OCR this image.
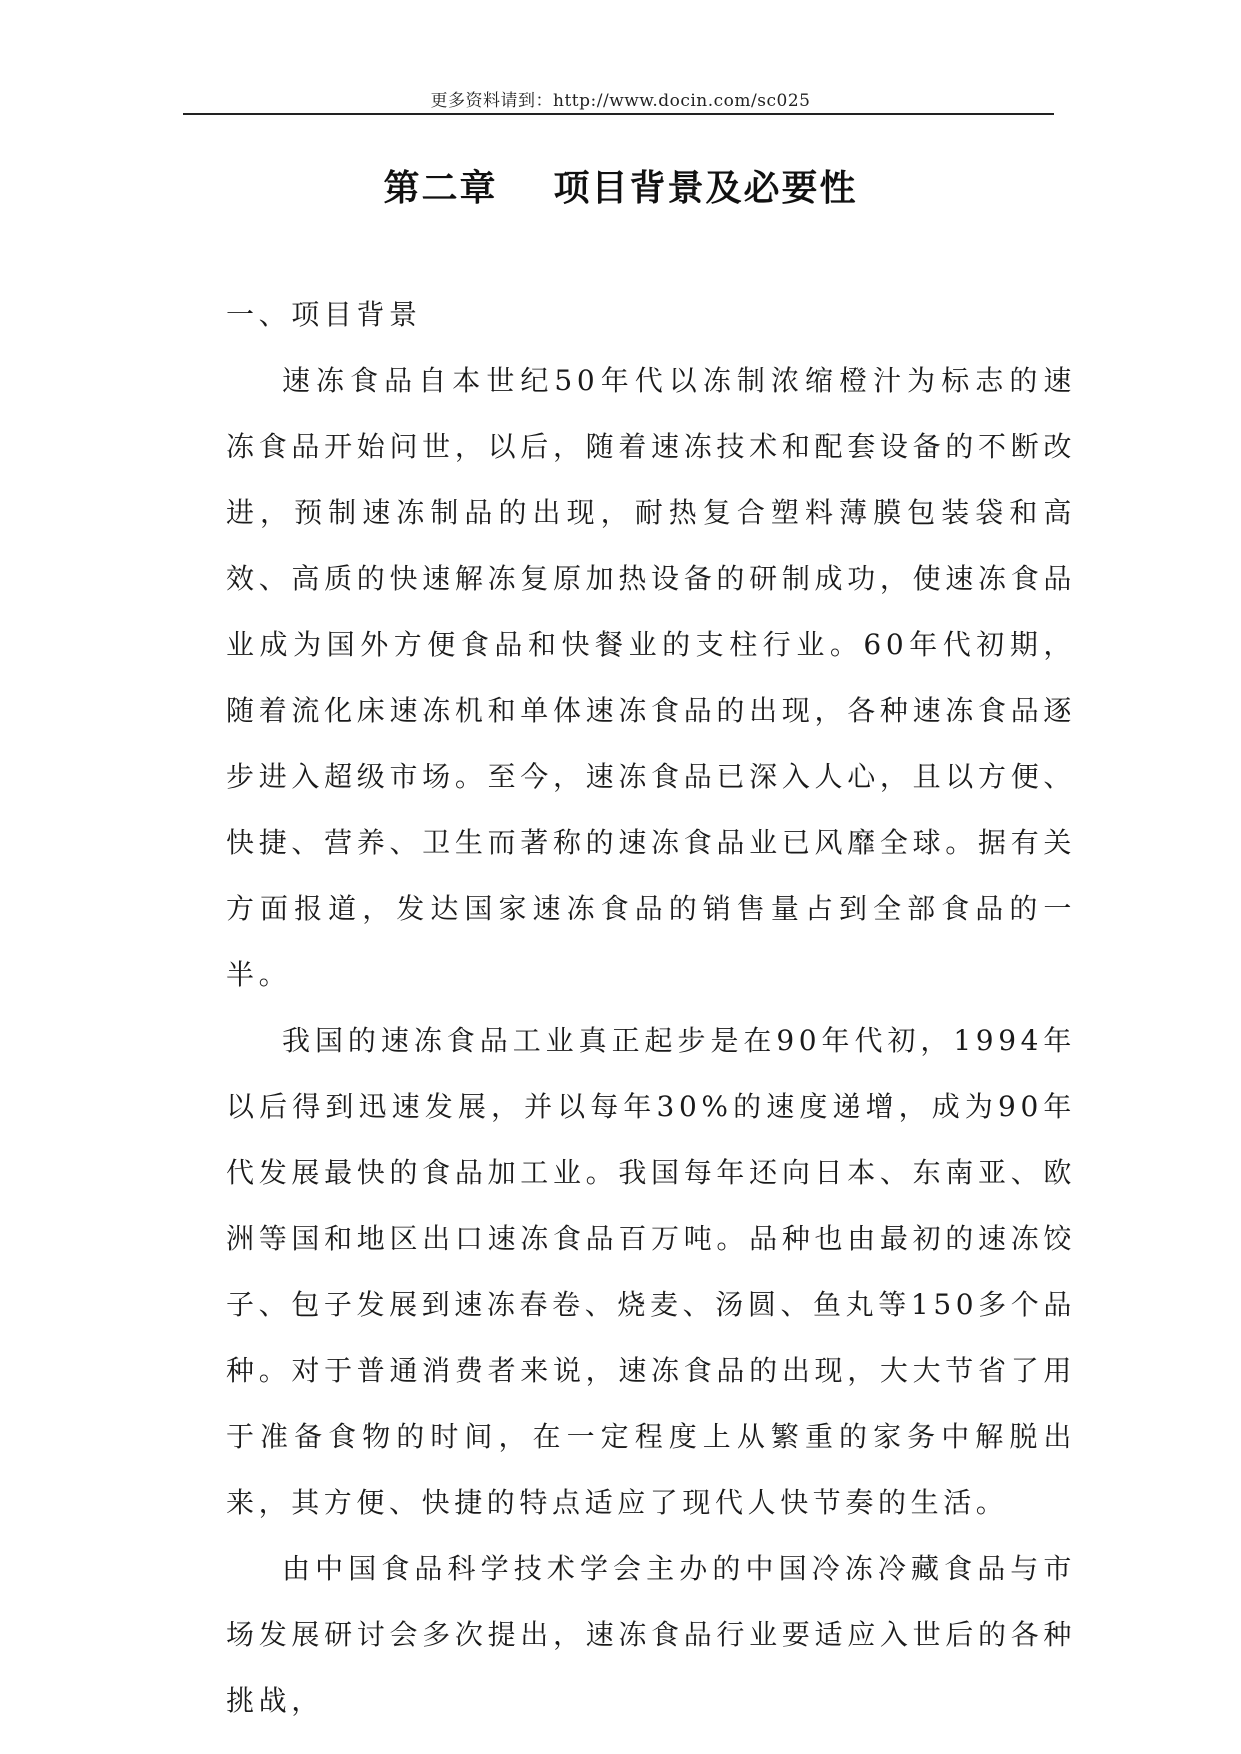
更多资料请到：http://www.docin.com/sc025
第二章 项目背景及必要性

一、项目背景

速冻食品自本世纪50年代以冻制浓缩橙汁为标志的速冻食品开始问世，以后，随着速冻技术和配套设备的不断改进，预制速冻制品的出现，耐热复合塑料薄膜包装袋和高效、高质的快速解冻复原加热设备的研制成功，使速冻食品业成为国外方便食品和快餐业的支柱行业。60年代初期，随着流化床速冻机和单体速冻食品的出现，各种速冻食品逐步进入超级市场。至今，速冻食品已深入人心，且以方便、快捷、营养、卫生而著称的速冻食品业已风靡全球。据有关方面报道，发达国家速冻食品的销售量占到全部食品的一半。

我国的速冻食品工业真正起步是在90年代初，1994年以后得到迅速发展，并以每年30%的速度递增，成为90年代发展最快的食品加工业。我国每年还向日本、东南亚、欧洲等国和地区出口速冻食品百万吨。品种也由最初的速冻饺子、包子发展到速冻春卷、烧麦、汤圆、鱼丸等150多个品种。对于普通消费者来说，速冻食品的出现，大大节省了用于准备食物的时间，在一定程度上从繁重的家务中解脱出来，其方便、快捷的特点适应了现代人快节奏的生活。

由中国食品科学技术学会主办的中国冷冻冷藏食品与市场发展研讨会多次提出，速冻食品行业要适应入世后的各种挑战，
